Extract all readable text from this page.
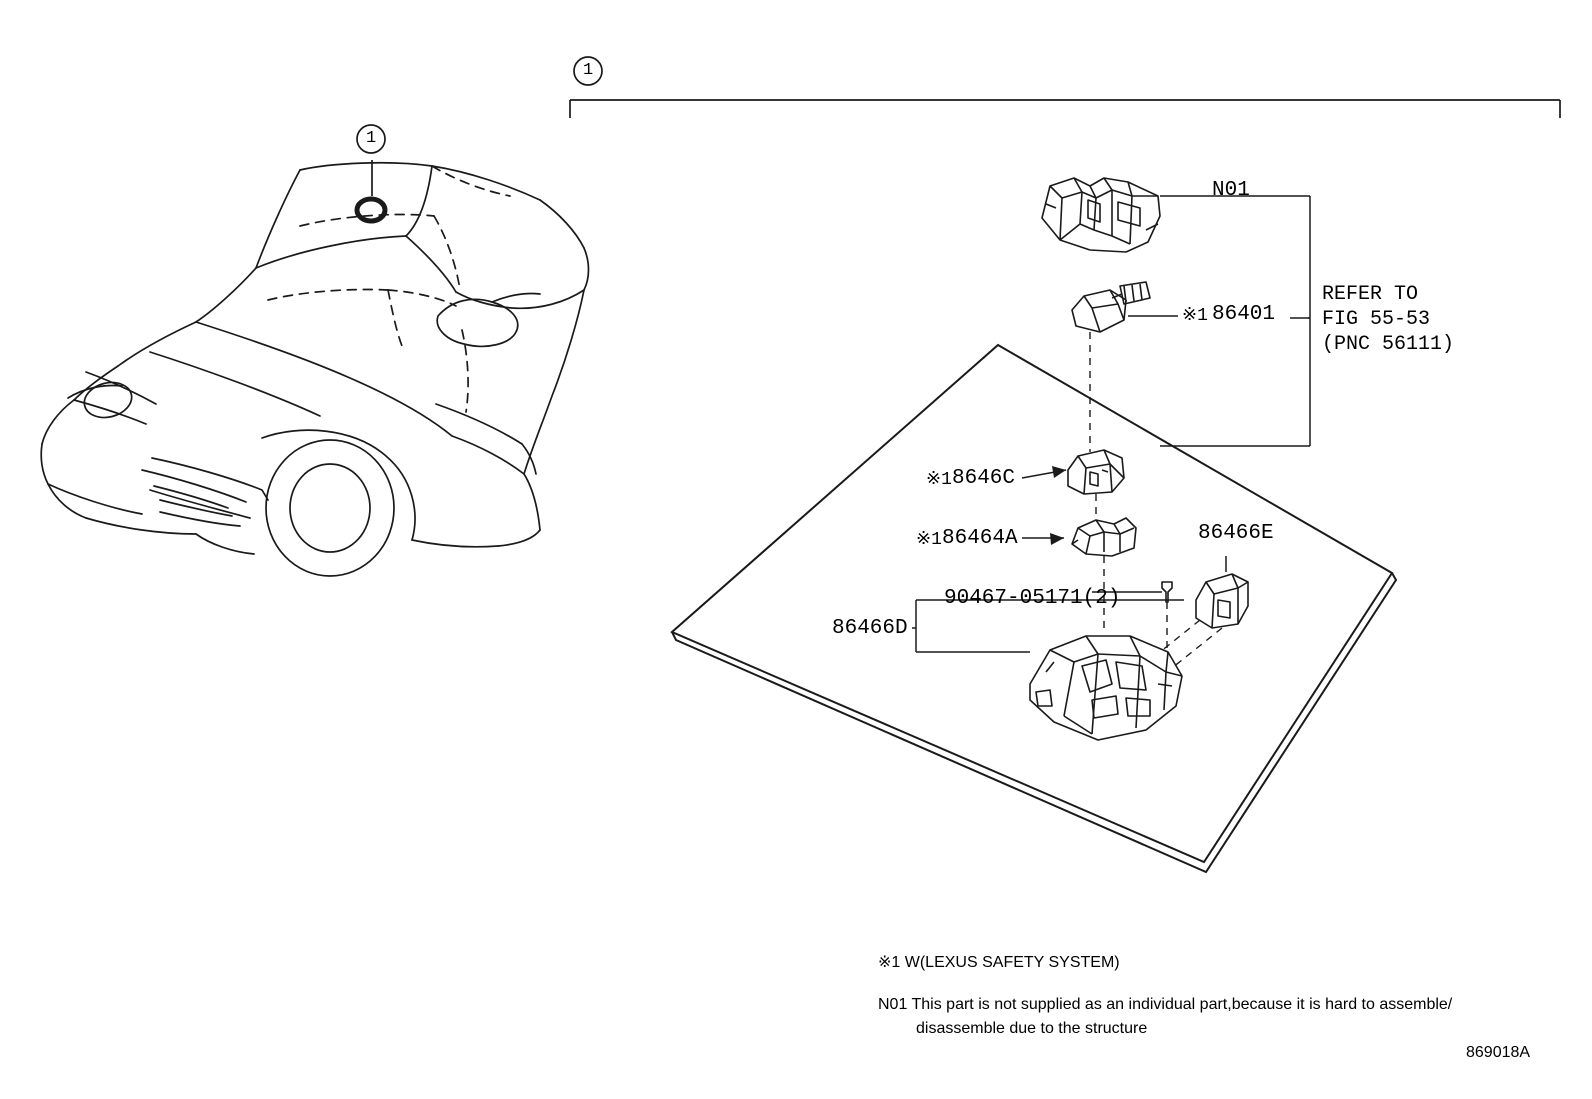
1
1
N01
※1 86401
REFER TO
FIG 55-53
(PNC 56111)
※1 8646C
※1 86464A	86466E
86466D
90467-05171(2)
※1 W(LEXUS SAFETY SYSTEM)
N01 This part is not supplied as an individual part,because it is hard to assemble/
disassemble due to the structure
869018A
